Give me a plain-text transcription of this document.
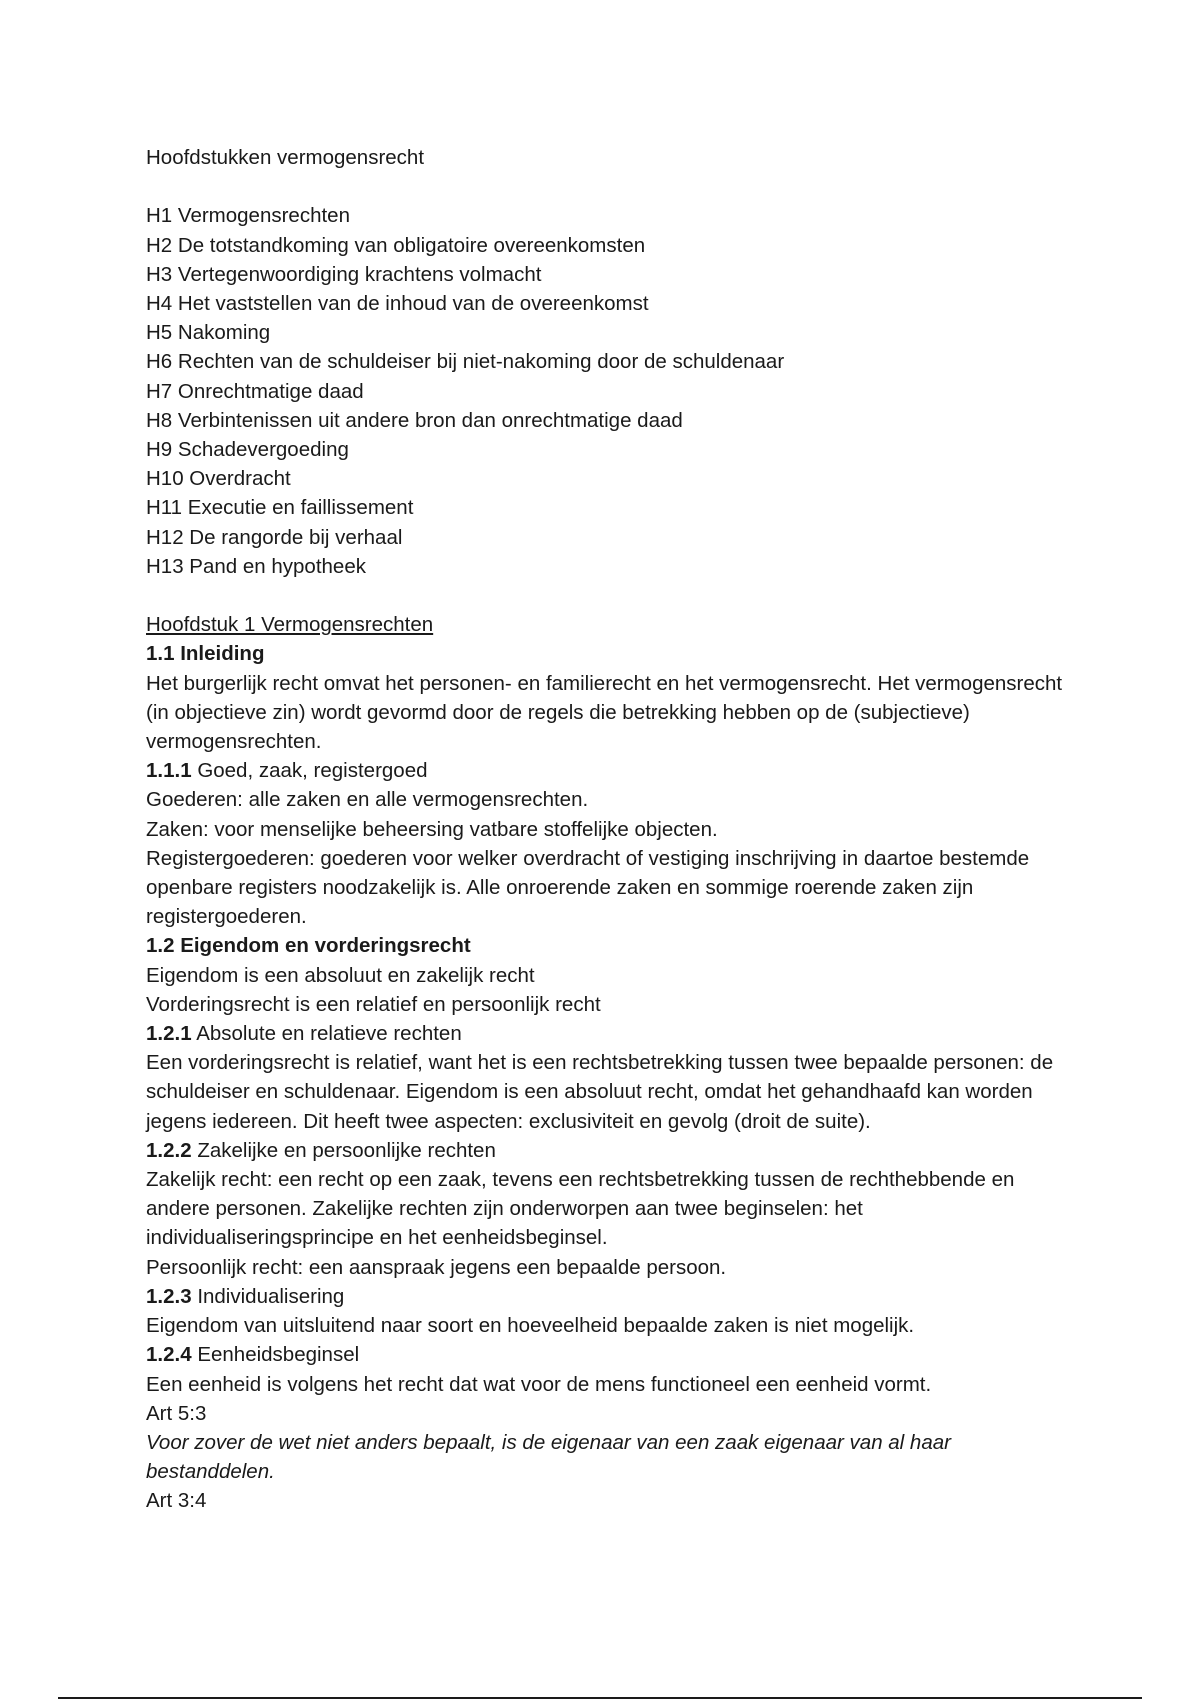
Hoofdstukken vermogensrecht
H1 Vermogensrechten
H2 De totstandkoming van obligatoire overeenkomsten
H3 Vertegenwoordiging krachtens volmacht
H4 Het vaststellen van de inhoud van de overeenkomst
H5 Nakoming
H6 Rechten van de schuldeiser bij niet-nakoming door de schuldenaar
H7 Onrechtmatige daad
H8 Verbintenissen uit andere bron dan onrechtmatige daad
H9 Schadevergoeding
H10 Overdracht
H11 Executie en faillissement
H12 De rangorde bij verhaal
H13 Pand en hypotheek
Hoofdstuk 1 Vermogensrechten
1.1 Inleiding
Het burgerlijk recht omvat het personen- en familierecht en het vermogensrecht. Het vermogensrecht (in objectieve zin) wordt gevormd door de regels die betrekking hebben op de (subjectieve) vermogensrechten.
1.1.1 Goed, zaak, registergoed
Goederen: alle zaken en alle vermogensrechten.
Zaken: voor menselijke beheersing vatbare stoffelijke objecten.
Registergoederen: goederen voor welker overdracht of vestiging inschrijving in daartoe bestemde openbare registers noodzakelijk is. Alle onroerende zaken en sommige roerende zaken zijn registergoederen.
1.2 Eigendom en vorderingsrecht
Eigendom is een absoluut en zakelijk recht
Vorderingsrecht is een relatief en persoonlijk recht
1.2.1 Absolute en relatieve rechten
Een vorderingsrecht is relatief, want het is een rechtsbetrekking tussen twee bepaalde personen: de schuldeiser en schuldenaar. Eigendom is een absoluut recht, omdat het gehandhaafd kan worden jegens iedereen. Dit heeft twee aspecten: exclusiviteit en gevolg (droit de suite).
1.2.2 Zakelijke en persoonlijke rechten
Zakelijk recht: een recht op een zaak, tevens een rechtsbetrekking tussen de rechthebbende en andere personen. Zakelijke rechten zijn onderworpen aan twee beginselen: het individualiseringsprincipe en het eenheidsbeginsel.
Persoonlijk recht: een aanspraak jegens een bepaalde persoon.
1.2.3 Individualisering
Eigendom van uitsluitend naar soort en hoeveelheid bepaalde zaken is niet mogelijk.
1.2.4 Eenheidsbeginsel
Een eenheid is volgens het recht dat wat voor de mens functioneel een eenheid vormt.
Art 5:3
Voor zover de wet niet anders bepaalt, is de eigenaar van een zaak eigenaar van al haar bestanddelen.
Art 3:4
